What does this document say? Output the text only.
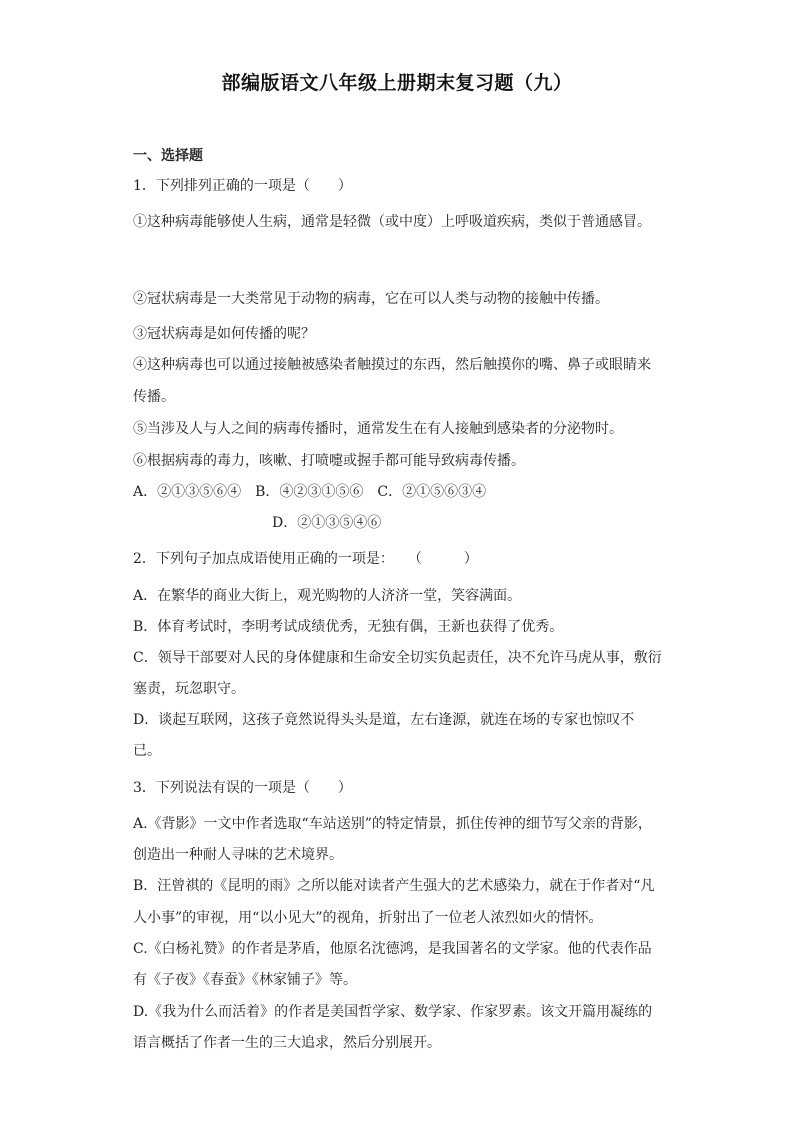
部编版语文八年级上册期末复习题（九）
一、选择题
1．下列排列正确的一项是（　　）
①这种病毒能够使人生病，通常是轻微（或中度）上呼吸道疾病，类似于普通感冒。
②冠状病毒是一大类常见于动物的病毒，它在可以人类与动物的接触中传播。
③冠状病毒是如何传播的呢？
④这种病毒也可以通过接触被感染者触摸过的东西，然后触摸你的嘴、鼻子或眼睛来
传播。
⑤当涉及人与人之间的病毒传播时，通常发生在有人接触到感染者的分泌物时。
⑥根据病毒的毒力，咳嗽、打喷嚏或握手都可能导致病毒传播。
A．②①③⑤⑥④　B．④②③①⑤⑥　C．②①⑤⑥③④
D．②①③⑤④⑥
2．下列句子加点成语使用正确的一项是：　　（　　　）
A．在繁华的商业大街上，观光购物的人济济一堂，笑容满面。
B．体育考试时，李明考试成绩优秀，无独有偶，王新也获得了优秀。
C．领导干部要对人民的身体健康和生命安全切实负起责任，决不允许马虎从事，敷衍
塞责，玩忽职守。
D．谈起互联网，这孩子竟然说得头头是道，左右逢源，就连在场的专家也惊叹不
已。
3．下列说法有误的一项是（　　）
A.《背影》一文中作者选取“车站送别”的特定情景，抓住传神的细节写父亲的背影，
创造出一种耐人寻味的艺术境界。
B．汪曾祺的《昆明的雨》之所以能对读者产生强大的艺术感染力，就在于作者对“凡
人小事”的审视，用“以小见大”的视角，折射出了一位老人浓烈如火的情怀。
C.《白杨礼赞》的作者是茅盾，他原名沈德鸿，是我国著名的文学家。他的代表作品
有《子夜》《春蚕》《林家铺子》等。
D.《我为什么而活着》的作者是美国哲学家、数学家、作家罗素。该文开篇用凝练的
语言概括了作者一生的三大追求，然后分别展开。
